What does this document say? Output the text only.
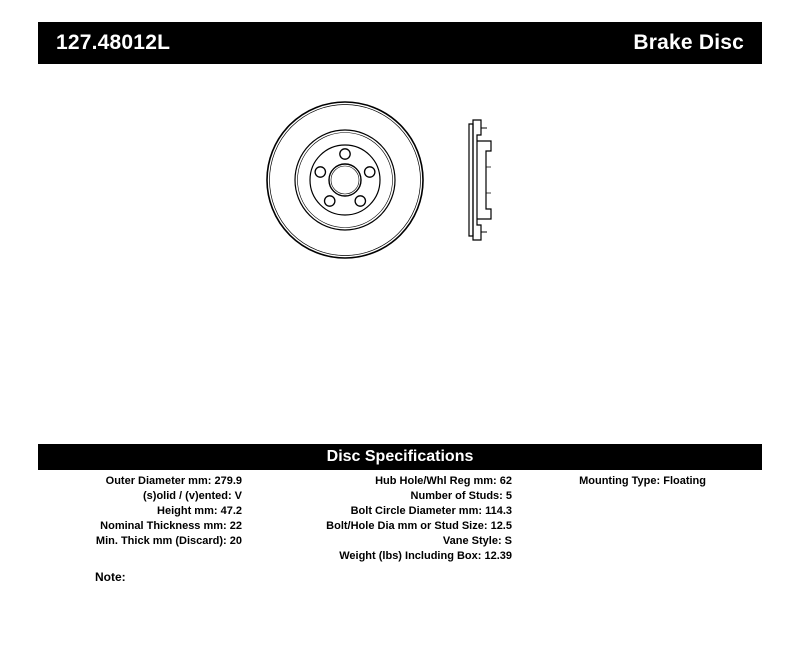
127.48012L	Brake Disc
Disc Specifications
Outer Diameter mm: 279.9
(s)olid / (v)ented: V
Height mm: 47.2
Nominal Thickness mm: 22
Min. Thick mm (Discard): 20
Hub Hole/Whl Reg mm: 62
Number of Studs: 5
Bolt Circle Diameter mm: 114.3
Bolt/Hole Dia mm or Stud Size: 12.5
Vane Style: S
Weight (lbs) Including Box: 12.39
Mounting Type: Floating
Note:
